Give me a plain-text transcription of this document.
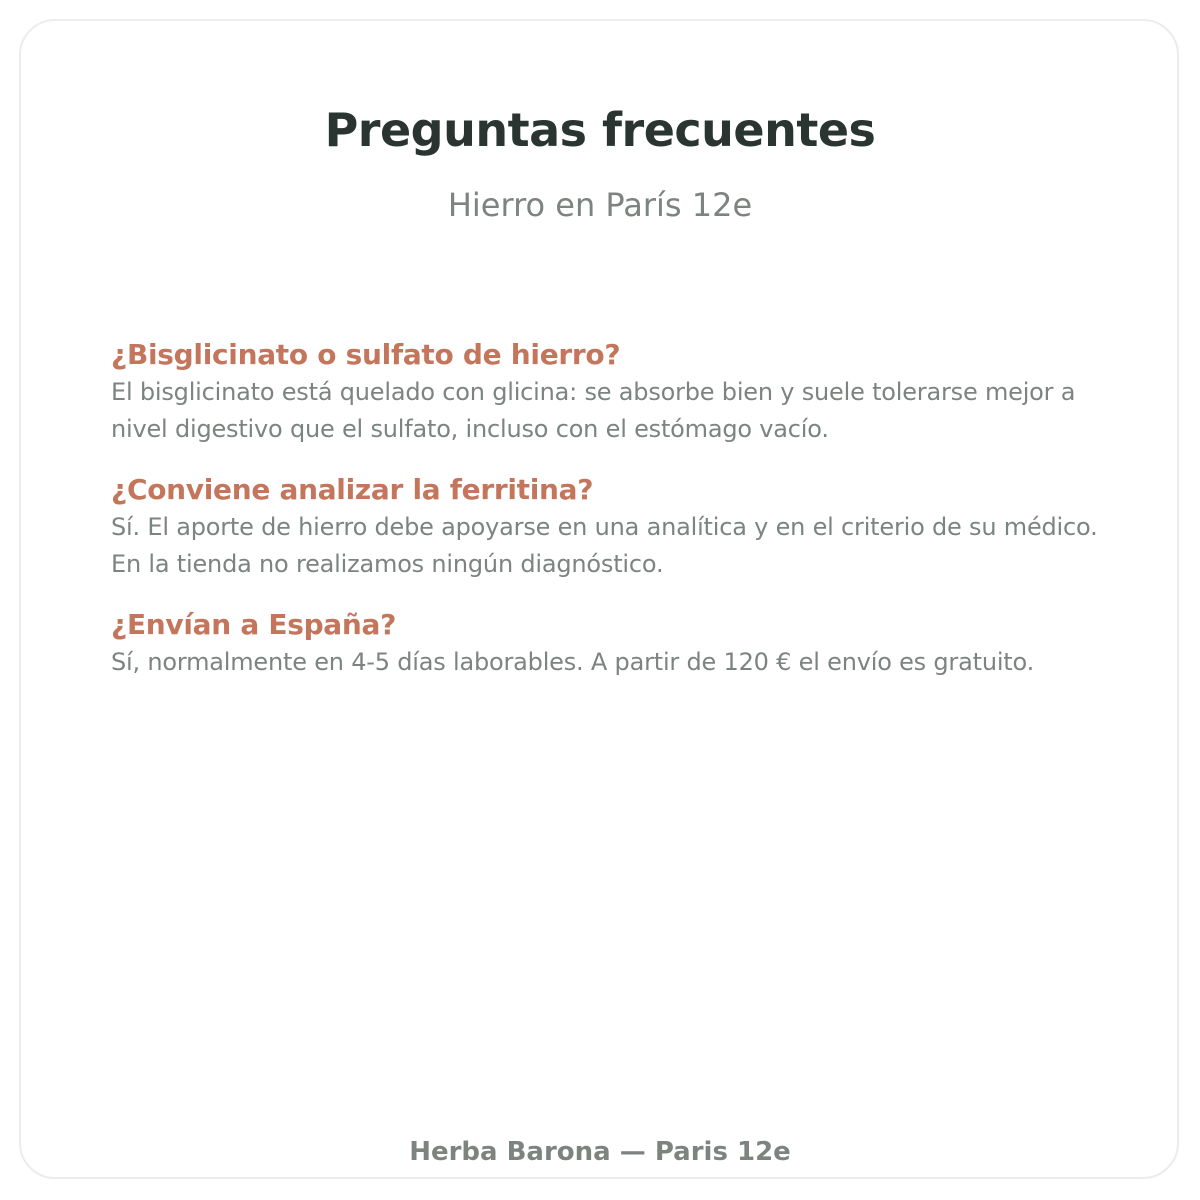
Preguntas frecuentes

Hierro en París 12e

¿Bisglicinato o sulfato de hierro?

El bisglicinato está quelado con glicina: se absorbe bien y suele tolerarse mejor a nivel digestivo que el sulfato, incluso con el estómago vacío.

¿Conviene analizar la ferritina?

Sí. El aporte de hierro debe apoyarse en una analítica y en el criterio de su médico. En la tienda no realizamos ningún diagnóstico.

¿Envían a España?

Sí, normalmente en 4-5 días laborables. A partir de 120 € el envío es gratuito.

Herba Barona — Paris 12e
